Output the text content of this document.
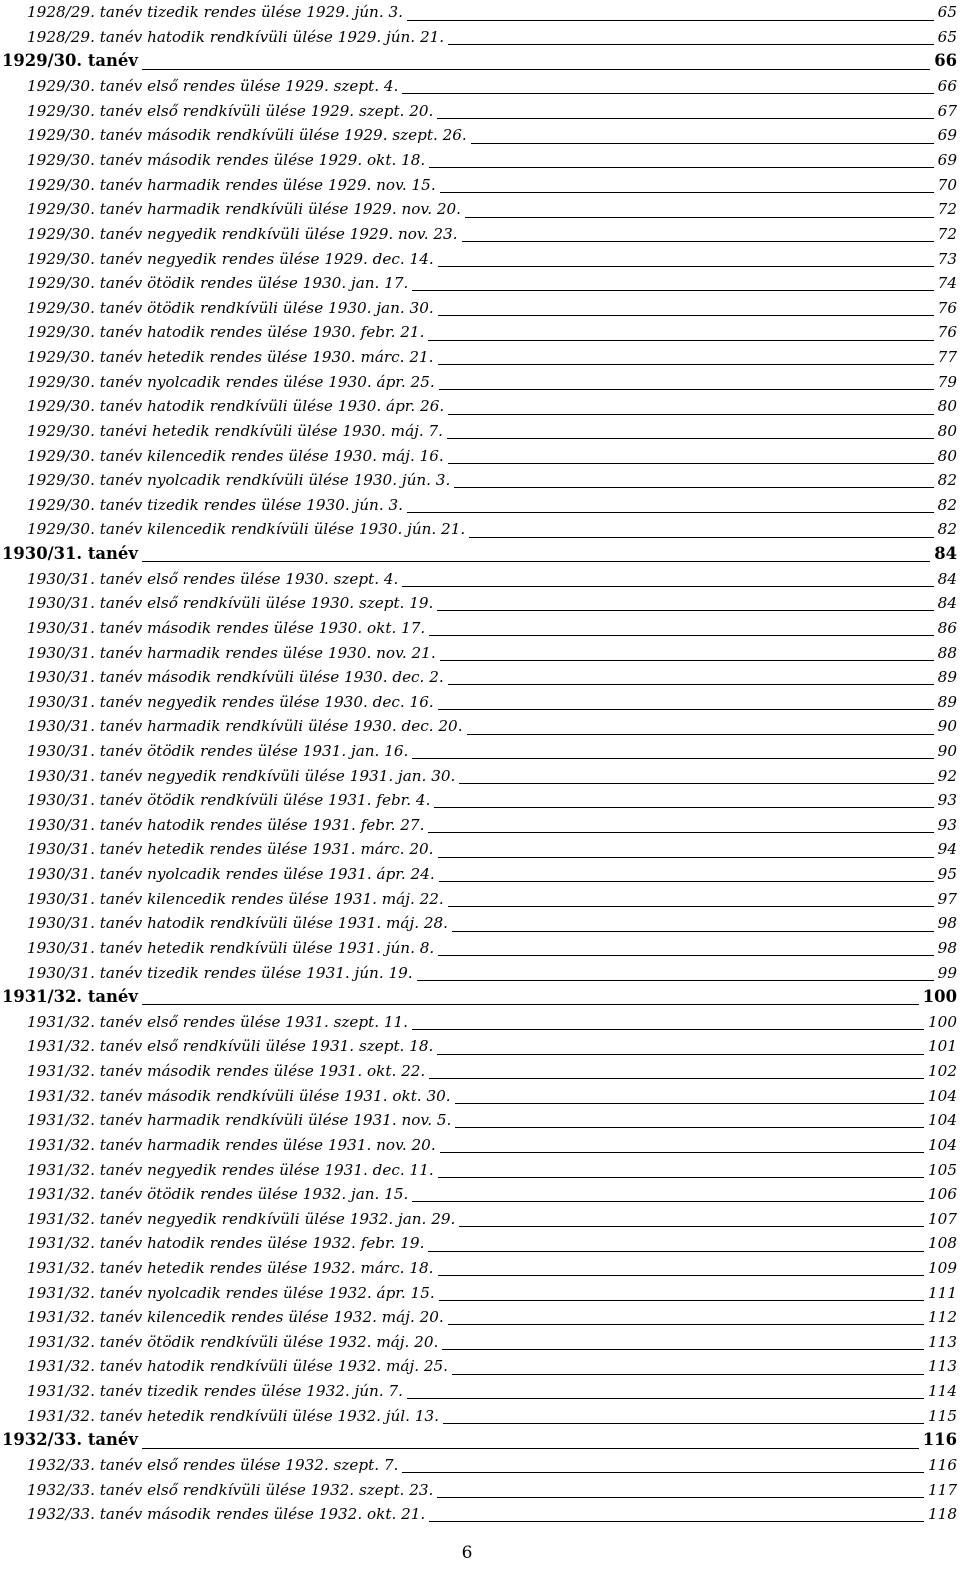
1928/29. tanév tizedik rendes ülése 1929. jún. 3.	65
1928/29. tanév hatodik rendkívüli ülése 1929. jún. 21.	65
1929/30. tanév	66
1929/30. tanév első rendes ülése 1929. szept. 4.	66
1929/30. tanév első rendkívüli ülése 1929. szept. 20.	67
1929/30. tanév második rendkívüli ülése 1929. szept. 26.	69
1929/30. tanév második rendes ülése 1929. okt. 18.	69
1929/30. tanév harmadik rendes ülése 1929. nov. 15.	70
1929/30. tanév harmadik rendkívüli ülése 1929. nov. 20.	72
1929/30. tanév negyedik rendkívüli ülése 1929. nov. 23.	72
1929/30. tanév negyedik rendes ülése 1929. dec. 14.	73
1929/30. tanév ötödik rendes ülése 1930. jan. 17.	74
1929/30. tanév ötödik rendkívüli ülése 1930. jan. 30.	76
1929/30. tanév hatodik rendes ülése 1930. febr. 21.	76
1929/30. tanév hetedik rendes ülése 1930. márc. 21.	77
1929/30. tanév nyolcadik rendes ülése 1930. ápr. 25.	79
1929/30. tanév hatodik rendkívüli ülése 1930. ápr. 26.	80
1929/30. tanévi hetedik rendkívüli ülése 1930. máj. 7.	80
1929/30. tanév kilencedik rendes ülése 1930. máj. 16.	80
1929/30. tanév nyolcadik rendkívüli ülése 1930. jún. 3.	82
1929/30. tanév tizedik rendes ülése 1930. jún. 3.	82
1929/30. tanév kilencedik rendkívüli ülése 1930. jún. 21.	82
1930/31. tanév	84
1930/31. tanév első rendes ülése 1930. szept. 4.	84
1930/31. tanév első rendkívüli ülése 1930. szept. 19.	84
1930/31. tanév második rendes ülése 1930. okt. 17.	86
1930/31. tanév harmadik rendes ülése 1930. nov. 21.	88
1930/31. tanév második rendkívüli ülése 1930. dec. 2.	89
1930/31. tanév negyedik rendes ülése 1930. dec. 16.	89
1930/31. tanév harmadik rendkívüli ülése 1930. dec. 20.	90
1930/31. tanév ötödik rendes ülése 1931. jan. 16.	90
1930/31. tanév negyedik rendkívüli ülése 1931. jan. 30.	92
1930/31. tanév ötödik rendkívüli ülése 1931. febr. 4.	93
1930/31. tanév hatodik rendes ülése 1931. febr. 27.	93
1930/31. tanév hetedik rendes ülése 1931. márc. 20.	94
1930/31. tanév nyolcadik rendes ülése 1931. ápr. 24.	95
1930/31. tanév kilencedik rendes ülése 1931. máj. 22.	97
1930/31. tanév hatodik rendkívüli ülése 1931. máj. 28.	98
1930/31. tanév hetedik rendkívüli ülése 1931. jún. 8.	98
1930/31. tanév tizedik rendes ülése 1931. jún. 19.	99
1931/32. tanév	100
1931/32. tanév első rendes ülése 1931. szept. 11.	100
1931/32. tanév első rendkívüli ülése 1931. szept. 18.	101
1931/32. tanév második rendes ülése 1931. okt. 22.	102
1931/32. tanév második rendkívüli ülése 1931. okt. 30.	104
1931/32. tanév harmadik rendkívüli ülése 1931. nov. 5.	104
1931/32. tanév harmadik rendes ülése 1931. nov. 20.	104
1931/32. tanév negyedik rendes ülése 1931. dec. 11.	105
1931/32. tanév ötödik rendes ülése 1932. jan. 15.	106
1931/32. tanév negyedik rendkívüli ülése 1932. jan. 29.	107
1931/32. tanév hatodik rendes ülése 1932. febr. 19.	108
1931/32. tanév hetedik rendes ülése 1932. márc. 18.	109
1931/32. tanév nyolcadik rendes ülése 1932. ápr. 15.	111
1931/32. tanév kilencedik rendes ülése 1932. máj. 20.	112
1931/32. tanév ötödik rendkívüli ülése 1932. máj. 20.	113
1931/32. tanév hatodik rendkívüli ülése 1932. máj. 25.	113
1931/32. tanév tizedik rendes ülése 1932. jún. 7.	114
1931/32. tanév hetedik rendkívüli ülése 1932. júl. 13.	115
1932/33. tanév	116
1932/33. tanév első rendes ülése 1932. szept. 7.	116
1932/33. tanév első rendkívüli ülése 1932. szept. 23.	117
1932/33. tanév második rendes ülése 1932. okt. 21.	118
6
